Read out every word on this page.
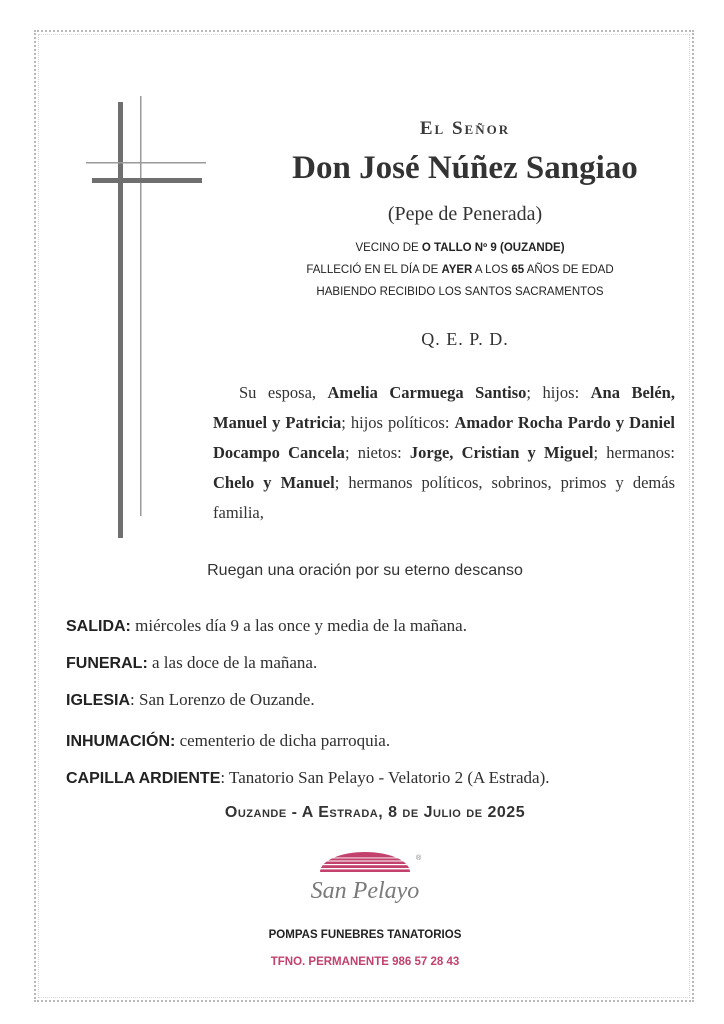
El Señor
Don José Núñez Sangiao
(Pepe de Penerada)
VECINO DE O TALLO Nº 9 (OUZANDE)
FALLECIÓ EN EL DÍA DE AYER A LOS 65 AÑOS DE EDAD
HABIENDO RECIBIDO LOS SANTOS SACRAMENTOS
Q. E. P. D.
Su esposa, Amelia Carmuega Santiso; hijos: Ana Belén, Manuel y Patricia; hijos políticos: Amador Rocha Pardo y Daniel Docampo Cancela; nietos: Jorge, Cristian y Miguel; hermanos: Chelo y Manuel; hermanos políticos, sobrinos, primos y demás familia,
Ruegan una oración por su eterno descanso
SALIDA: miércoles día 9 a las once y media de la mañana.
FUNERAL: a las doce de la mañana.
IGLESIA: San Lorenzo de Ouzande.
INHUMACIÓN: cementerio de dicha parroquia.
CAPILLA ARDIENTE: Tanatorio San Pelayo - Velatorio 2 (A Estrada).
Ouzande - A Estrada, 8 de Julio de 2025
San Pelayo
®
POMPAS FUNEBRES TANATORIOS
TFNO. PERMANENTE 986 57 28 43
